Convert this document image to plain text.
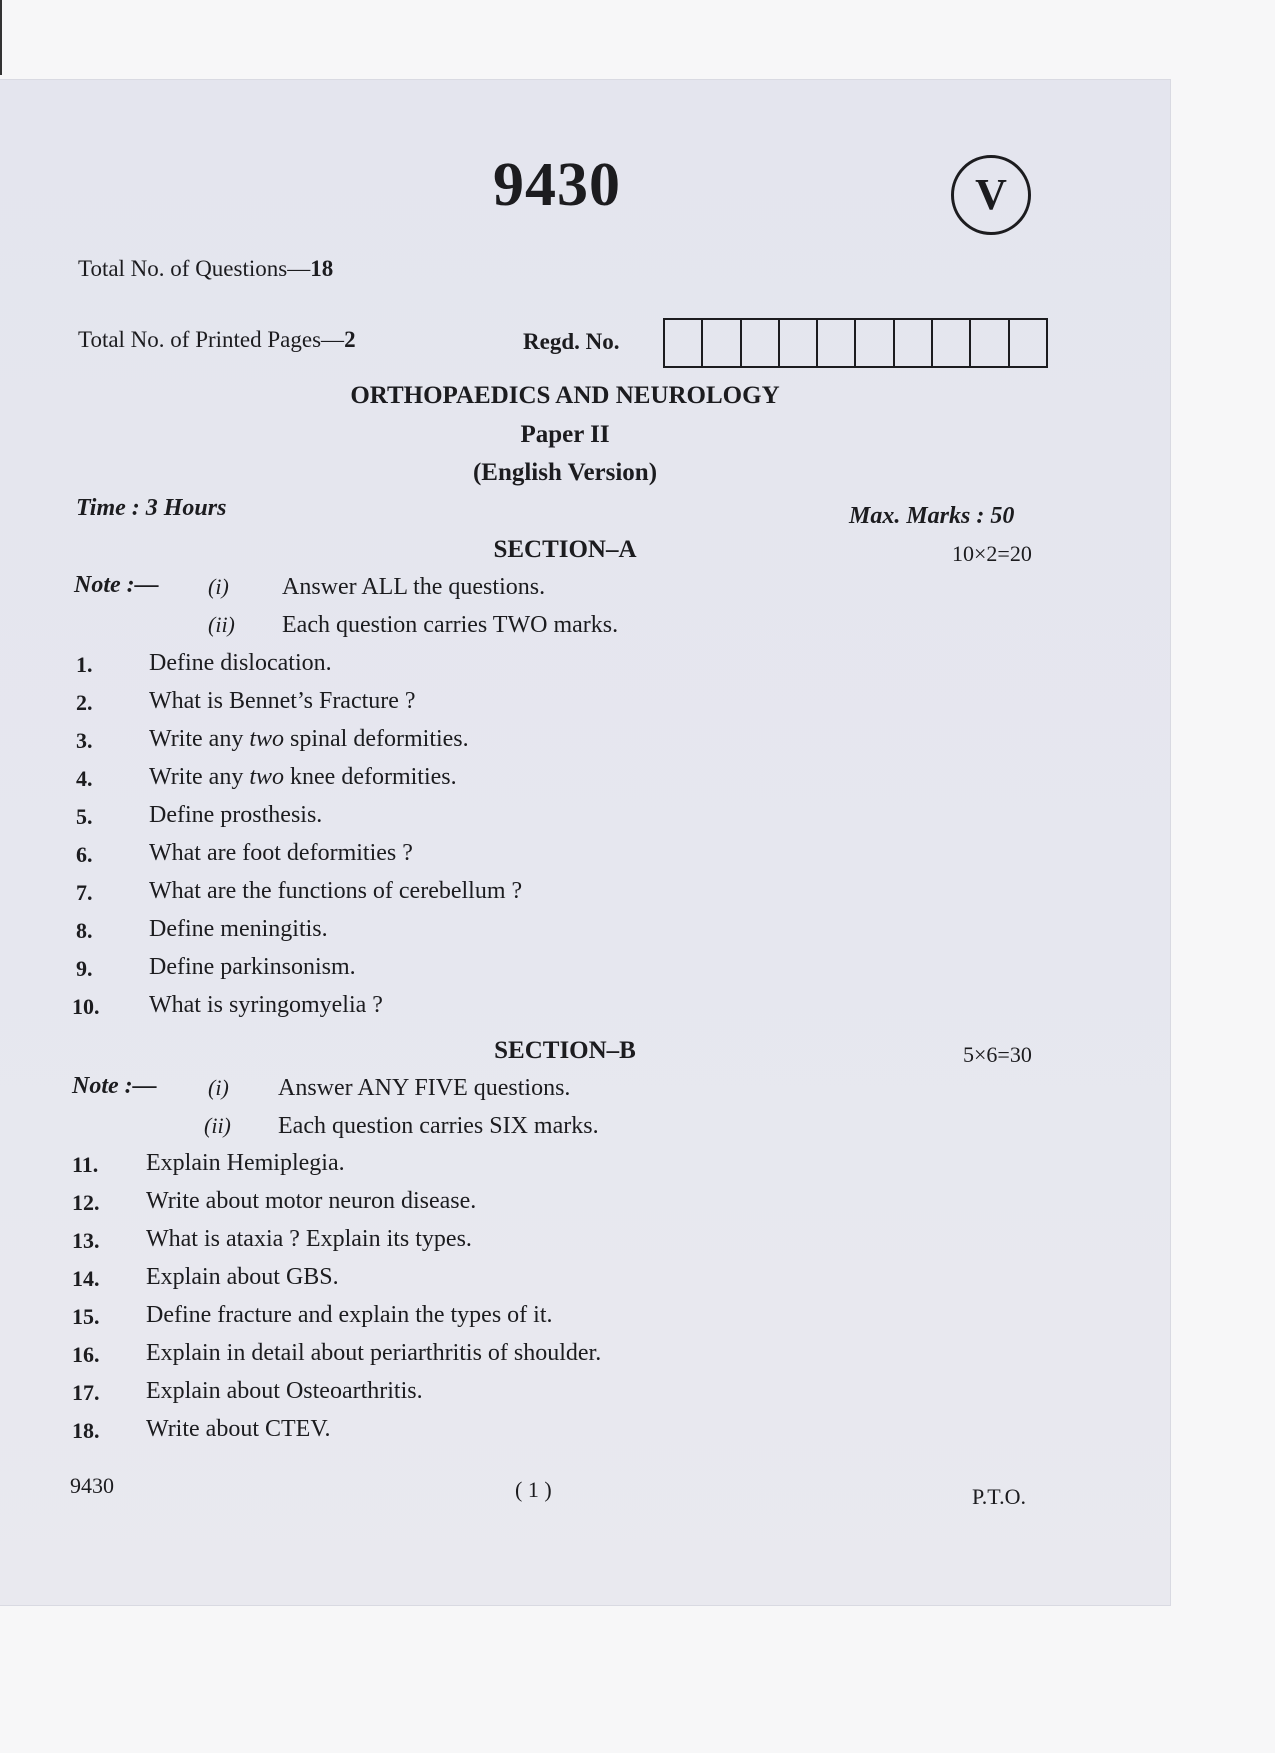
9430	V
Total No. of Questions—18
Total No. of Printed Pages—2	Regd. No.
ORTHOPAEDICS AND NEUROLOGY
Paper II
(English Version)
Time : 3 Hours	Max. Marks : 50
SECTION–A	10×2=20
Note :— (i) Answer ALL the questions.
(ii) Each question carries TWO marks.
1. Define dislocation.
2. What is Bennet’s Fracture ?
3. Write any two spinal deformities.
4. Write any two knee deformities.
5. Define prosthesis.
6. What are foot deformities ?
7. What are the functions of cerebellum ?
8. Define meningitis.
9. Define parkinsonism.
10. What is syringomyelia ?
SECTION–B	5×6=30
Note :— (i) Answer ANY FIVE questions.
(ii) Each question carries SIX marks.
11. Explain Hemiplegia.
12. Write about motor neuron disease.
13. What is ataxia ? Explain its types.
14. Explain about GBS.
15. Define fracture and explain the types of it.
16. Explain in detail about periarthritis of shoulder.
17. Explain about Osteoarthritis.
18. Write about CTEV.
9430	( 1 )	P.T.O.
